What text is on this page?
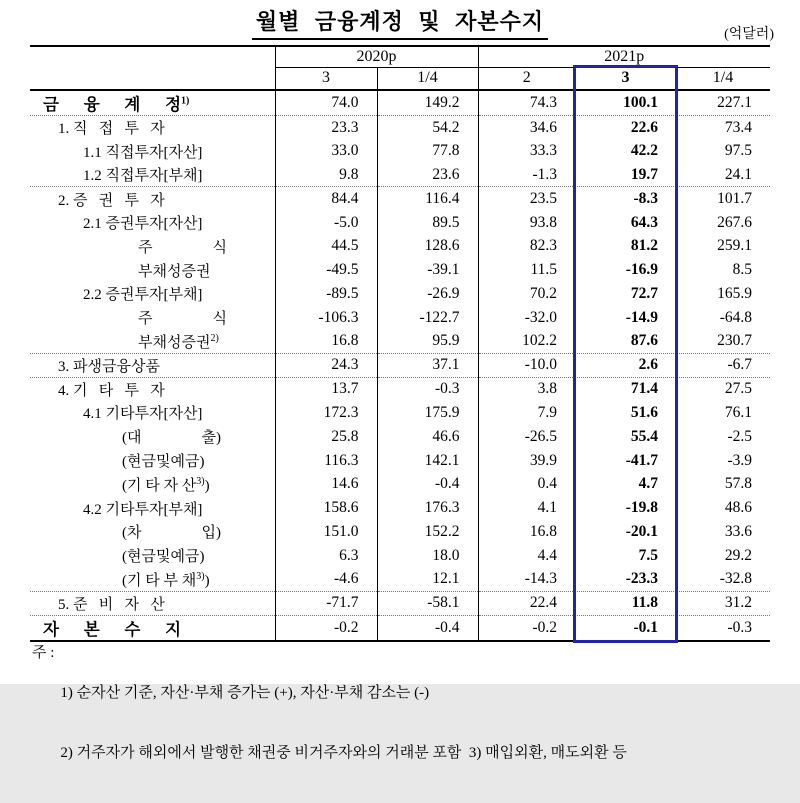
월별 금융계정 및 자본수지
(억달러)
	2020p		2021p		
	3	1/4	2	3	1/4
금      융      계      정$^{1)}$	74.0	149.2	74.3	100.1	227.1
1. 직   접   투   자	23.3	54.2	34.6	22.6	73.4
1.1 직접투자[자산]	33.0	77.8	33.3	42.2	97.5
1.2 직접투자[부채]	9.8	23.6	-1.3	19.7	24.1
2. 증   권   투   자	84.4	116.4	23.5	-8.3	101.7
2.1 증권투자[자산]	-5.0	89.5	93.8	64.3	267.6
주                식	44.5	128.6	82.3	81.2	259.1
부채성증권	-49.5	-39.1	11.5	-16.9	8.5
2.2 증권투자[부채]	-89.5	-26.9	70.2	72.7	165.9
주                식	-106.3	-122.7	-32.0	-14.9	-64.8
부채성증권$^{2)}$	16.8	95.9	102.2	87.6	230.7
3. 파생금융상품	24.3	37.1	-10.0	2.6	-6.7
4. 기   타   투   자	13.7	-0.3	3.8	71.4	27.5
4.1 기타투자[자산]	172.3	175.9	7.9	51.6	76.1
(대                출)	25.8	46.6	-26.5	55.4	-2.5
(현금및예금)	116.3	142.1	39.9	-41.7	-3.9
(기 타 자 산$^{3)}$)	14.6	-0.4	0.4	4.7	57.8
4.2 기타투자[부채]	158.6	176.3	4.1	-19.8	48.6
(차                입)	151.0	152.2	16.8	-20.1	33.6
(현금및예금)	6.3	18.0	4.4	7.5	29.2
(기 타 부 채$^{3)}$)	-4.6	12.1	-14.3	-23.3	-32.8
5. 준   비   자   산	-71.7	-58.1	22.4	11.8	31.2
자      본      수      지	-0.2	-0.4	-0.2	-0.1	-0.3
주 :

1) 순자산 기준, 자산·부채 증가는 (+), 자산·부채 감소는 (-)

2) 거주자가 해외에서 발행한 채권중 비거주자와의 거래분 포함  3) 매입외환, 매도외환 등
